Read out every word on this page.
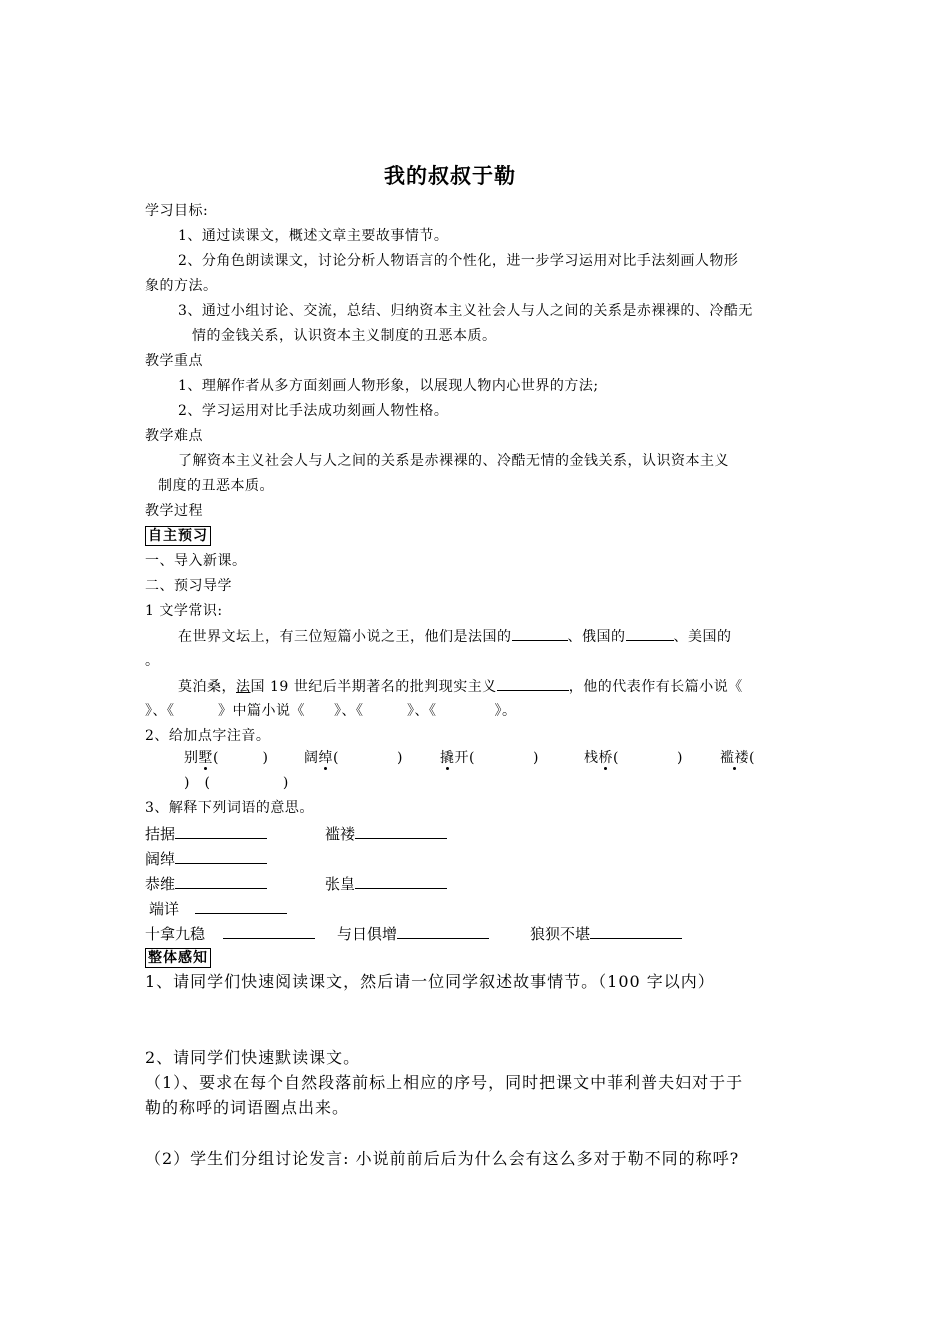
我的叔叔于勒
学习目标:
1、通过读课文，概述文章主要故事情节。
2、分角色朗读课文，讨论分析人物语言的个性化，进一步学习运用对比手法刻画人物形
象的方法。
3、通过小组讨论、交流，总结、归纳资本主义社会人与人之间的关系是赤裸裸的、冷酷无
情的金钱关系，认识资本主义制度的丑恶本质。
教学重点
1、理解作者从多方面刻画人物形象，以展现人物内心世界的方法;
2、学习运用对比手法成功刻画人物性格。
教学难点
了解资本主义社会人与人之间的关系是赤裸裸的、冷酷无情的金钱关系，认识资本主义
制度的丑恶本质。
教学过程
自主预习
一、导入新课。
二、预习导学
1 文学常识:
在世界文坛上，有三位短篇小说之王，他们是法国的	、俄国的	、美国的
。
莫泊桑，法国 19 世纪后半期著名的批判现实主义	，他的代表作有长篇小说《
》、《　　　》中篇小说《　　》、《　　　》、《　　　　》。
2、给加点字注音。
别墅(　　　)	阔绰(　　　　)	撬开(　　　　)	栈桥(　　　　)	褴褛(
)　(　　　　　)
3、解释下列词语的意思。
拮据	褴褛
阔绰
恭维	张皇
端详
十拿九稳	与日俱增	狼狈不堪
整体感知
1、请同学们快速阅读课文，然后请一位同学叙述故事情节。（100 字以内）
2、请同学们快速默读课文。
（1）、要求在每个自然段落前标上相应的序号，同时把课文中菲利普夫妇对于于
勒的称呼的词语圈点出来。
（2）学生们分组讨论发言: 小说前前后后为什么会有这么多对于勒不同的称呼?
